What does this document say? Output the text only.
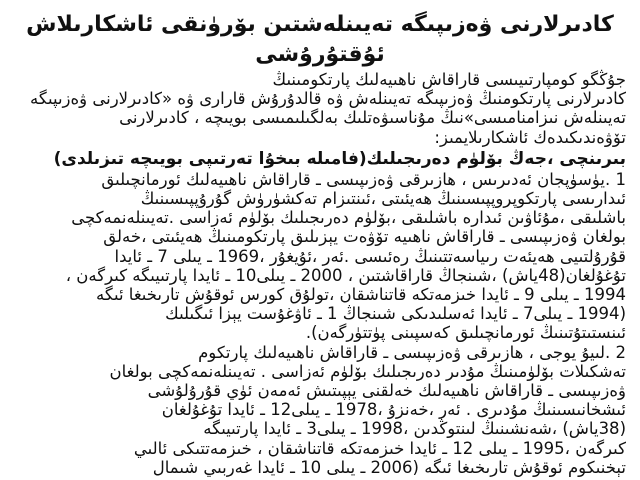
كادىرلارنى ۋەزىپىگە تەيىنلەشتىن بۆرۈنقى ئاشكارىلاش

ئۇقتۇرۇشى

جۇڭگو كومپارتىيىسى قاراقاش ناھىيەلىك پارتكومىنىڭ

كادىرلارنى پارتكومنىڭ ۋەزىپىگە تەيىنلەش ۋە قالدۇرۇش قارارى ۋە «كادىرلارنى ۋەزىپىگە

تەيىنلەش نىزامنامىسى»نىڭ مۇناسىۋەتلىك بەلگىلىمىسى بويىچە ، كادىرلارنى

تۆۋەندىكىدەك ئاشكارىلايمىز:

بىرىنچى ،جەڭ بۆلۈم دەرىجىلىك(فامىلە بىخۇا تەرتىپى بويىچە تىزىلدى)

1 .يۈسۈپجان ئەدىرىس ، ھازىرقى ۋەزىپىسى ـ قاراقاش ناھىيەلىك ئورمانچىلىق

ئىدارىسى پارتكوپروپپىسىنىڭ ھەيئىتى ،ئىنتىزام تەكشۈرۈش گۇرۇپپىسىنىڭ

باشلىقى ،مۇئاۋىن ئىدارە باشلىقى ،بۆلۈم دەرىجىلىك بۆلۈم ئەزاسى .تەيىنلەنمەكچى

بولغان ۋەزىپىسى ـ قاراقاش ناھىيە تۆۋەت يېزىلىق پارتكومىنىڭ ھەيئىتى ،خەلق

قۇرۇلتىيى ھەيئەت رىياسەتتىنىڭ رەئىسى .ئەر ،ئۇيغۇر ،1969 ـ يىلى 7 ـ ئايدا

تۇغۇلغان(48ياش) ،شىنجاڭ قاراقاشتىن ، 2000 ـ يىلى10 ـ ئايدا پارتىيىگە كىرگەن ،

1994 ـ يىلى 9 ـ ئايدا خىزمەتكە قاتناشقان ،تولۇق كورس ئوقۇش تارىخىغا ئىگە

(1994 ـ يىلى7 ـ ئايدا ئەسلىدىكى شىنجاڭ 1 ـ ئاۋغۇست يېزا ئىگىلىك

ئىنستىتۇتىنىڭ ئورمانچىلىق كەسپىنى پۈتتۈرگەن).

2 .لىيۇ يوجى ، ھازىرقى ۋەزىپىسى ـ قاراقاش ناھىيەلىك پارتكوم

تەشكىلات بۆلۈمىنىڭ مۇدىر دەرىجىلىك بۆلۈم ئەزاسى . تەيىنلەنمەكچى بولغان

ۋەزىپىسى ـ قاراقاش ناھىيەلىك خەلقنى يېپىتىش ئەمەن ئۈي قۇرۇلۇشى

ئىشخانىسىنىڭ مۇدىرى . ئەر ،خەنزۇ ،1978 ـ يىلى12 ـ ئايدا تۇغۇلغان

(38ياش) ،شەنشىنىڭ لىنتوڭدىن ،1998 ـ يىلى3 ـ ئايدا پارتىيىگە

كىرگەن ،1995 ـ يىلى 12 ـ ئايدا خىزمەتكە قاتناشقان ، خىزمەتتىكى ئالىي

تېخنىكوم ئوقۇش تارىخىغا ئىگە (2006 ـ يىلى 10 ـ ئايدا غەربىي شىمال
